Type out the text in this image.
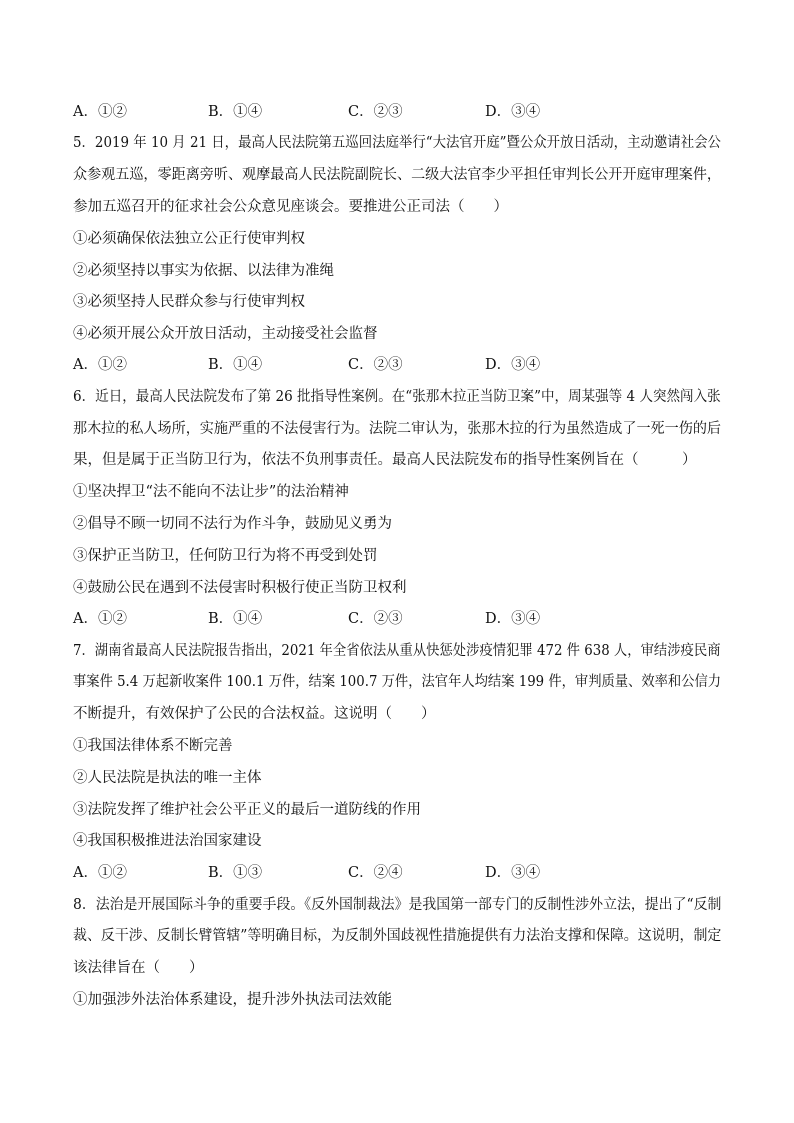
A．①②	B．①④	C．②③	D．③④
5．2019 年 10 月 21 日，最高人民法院第五巡回法庭举行“大法官开庭”暨公众开放日活动，主动邀请社会公
众参观五巡，零距离旁听、观摩最高人民法院副院长、二级大法官李少平担任审判长公开开庭审理案件，
参加五巡召开的征求社会公众意见座谈会。要推进公正司法（　　）
①必须确保依法独立公正行使审判权
②必须坚持以事实为依据、以法律为准绳
③必须坚持人民群众参与行使审判权
④必须开展公众开放日活动，主动接受社会监督
A．①②	B．①④	C．②③	D．③④
6．近日，最高人民法院发布了第 26 批指导性案例。在“张那木拉正当防卫案”中，周某强等 4 人突然闯入张
那木拉的私人场所，实施严重的不法侵害行为。法院二审认为，张那木拉的行为虽然造成了一死一伤的后
果，但是属于正当防卫行为，依法不负刑事责任。最高人民法院发布的指导性案例旨在（　　　）
①坚决捍卫“法不能向不法让步”的法治精神
②倡导不顾一切同不法行为作斗争，鼓励见义勇为
③保护正当防卫，任何防卫行为将不再受到处罚
④鼓励公民在遇到不法侵害时积极行使正当防卫权利
A．①②	B．①④	C．②③	D．③④
7．湖南省最高人民法院报告指出，2021 年全省依法从重从快惩处涉疫情犯罪 472 件 638 人，审结涉疫民商
事案件 5.4 万起新收案件 100.1 万件，结案 100.7 万件，法官年人均结案 199 件，审判质量、效率和公信力
不断提升，有效保护了公民的合法权益。这说明（　　）
①我国法律体系不断完善
②人民法院是执法的唯一主体
③法院发挥了维护社会公平正义的最后一道防线的作用
④我国积极推进法治国家建设
A．①②	B．①③	C．②④	D．③④
8．法治是开展国际斗争的重要手段。《反外国制裁法》是我国第一部专门的反制性涉外立法，提出了“反制
裁、反干涉、反制长臂管辖”等明确目标，为反制外国歧视性措施提供有力法治支撑和保障。这说明，制定
该法律旨在（　　）
①加强涉外法治体系建设，提升涉外执法司法效能
